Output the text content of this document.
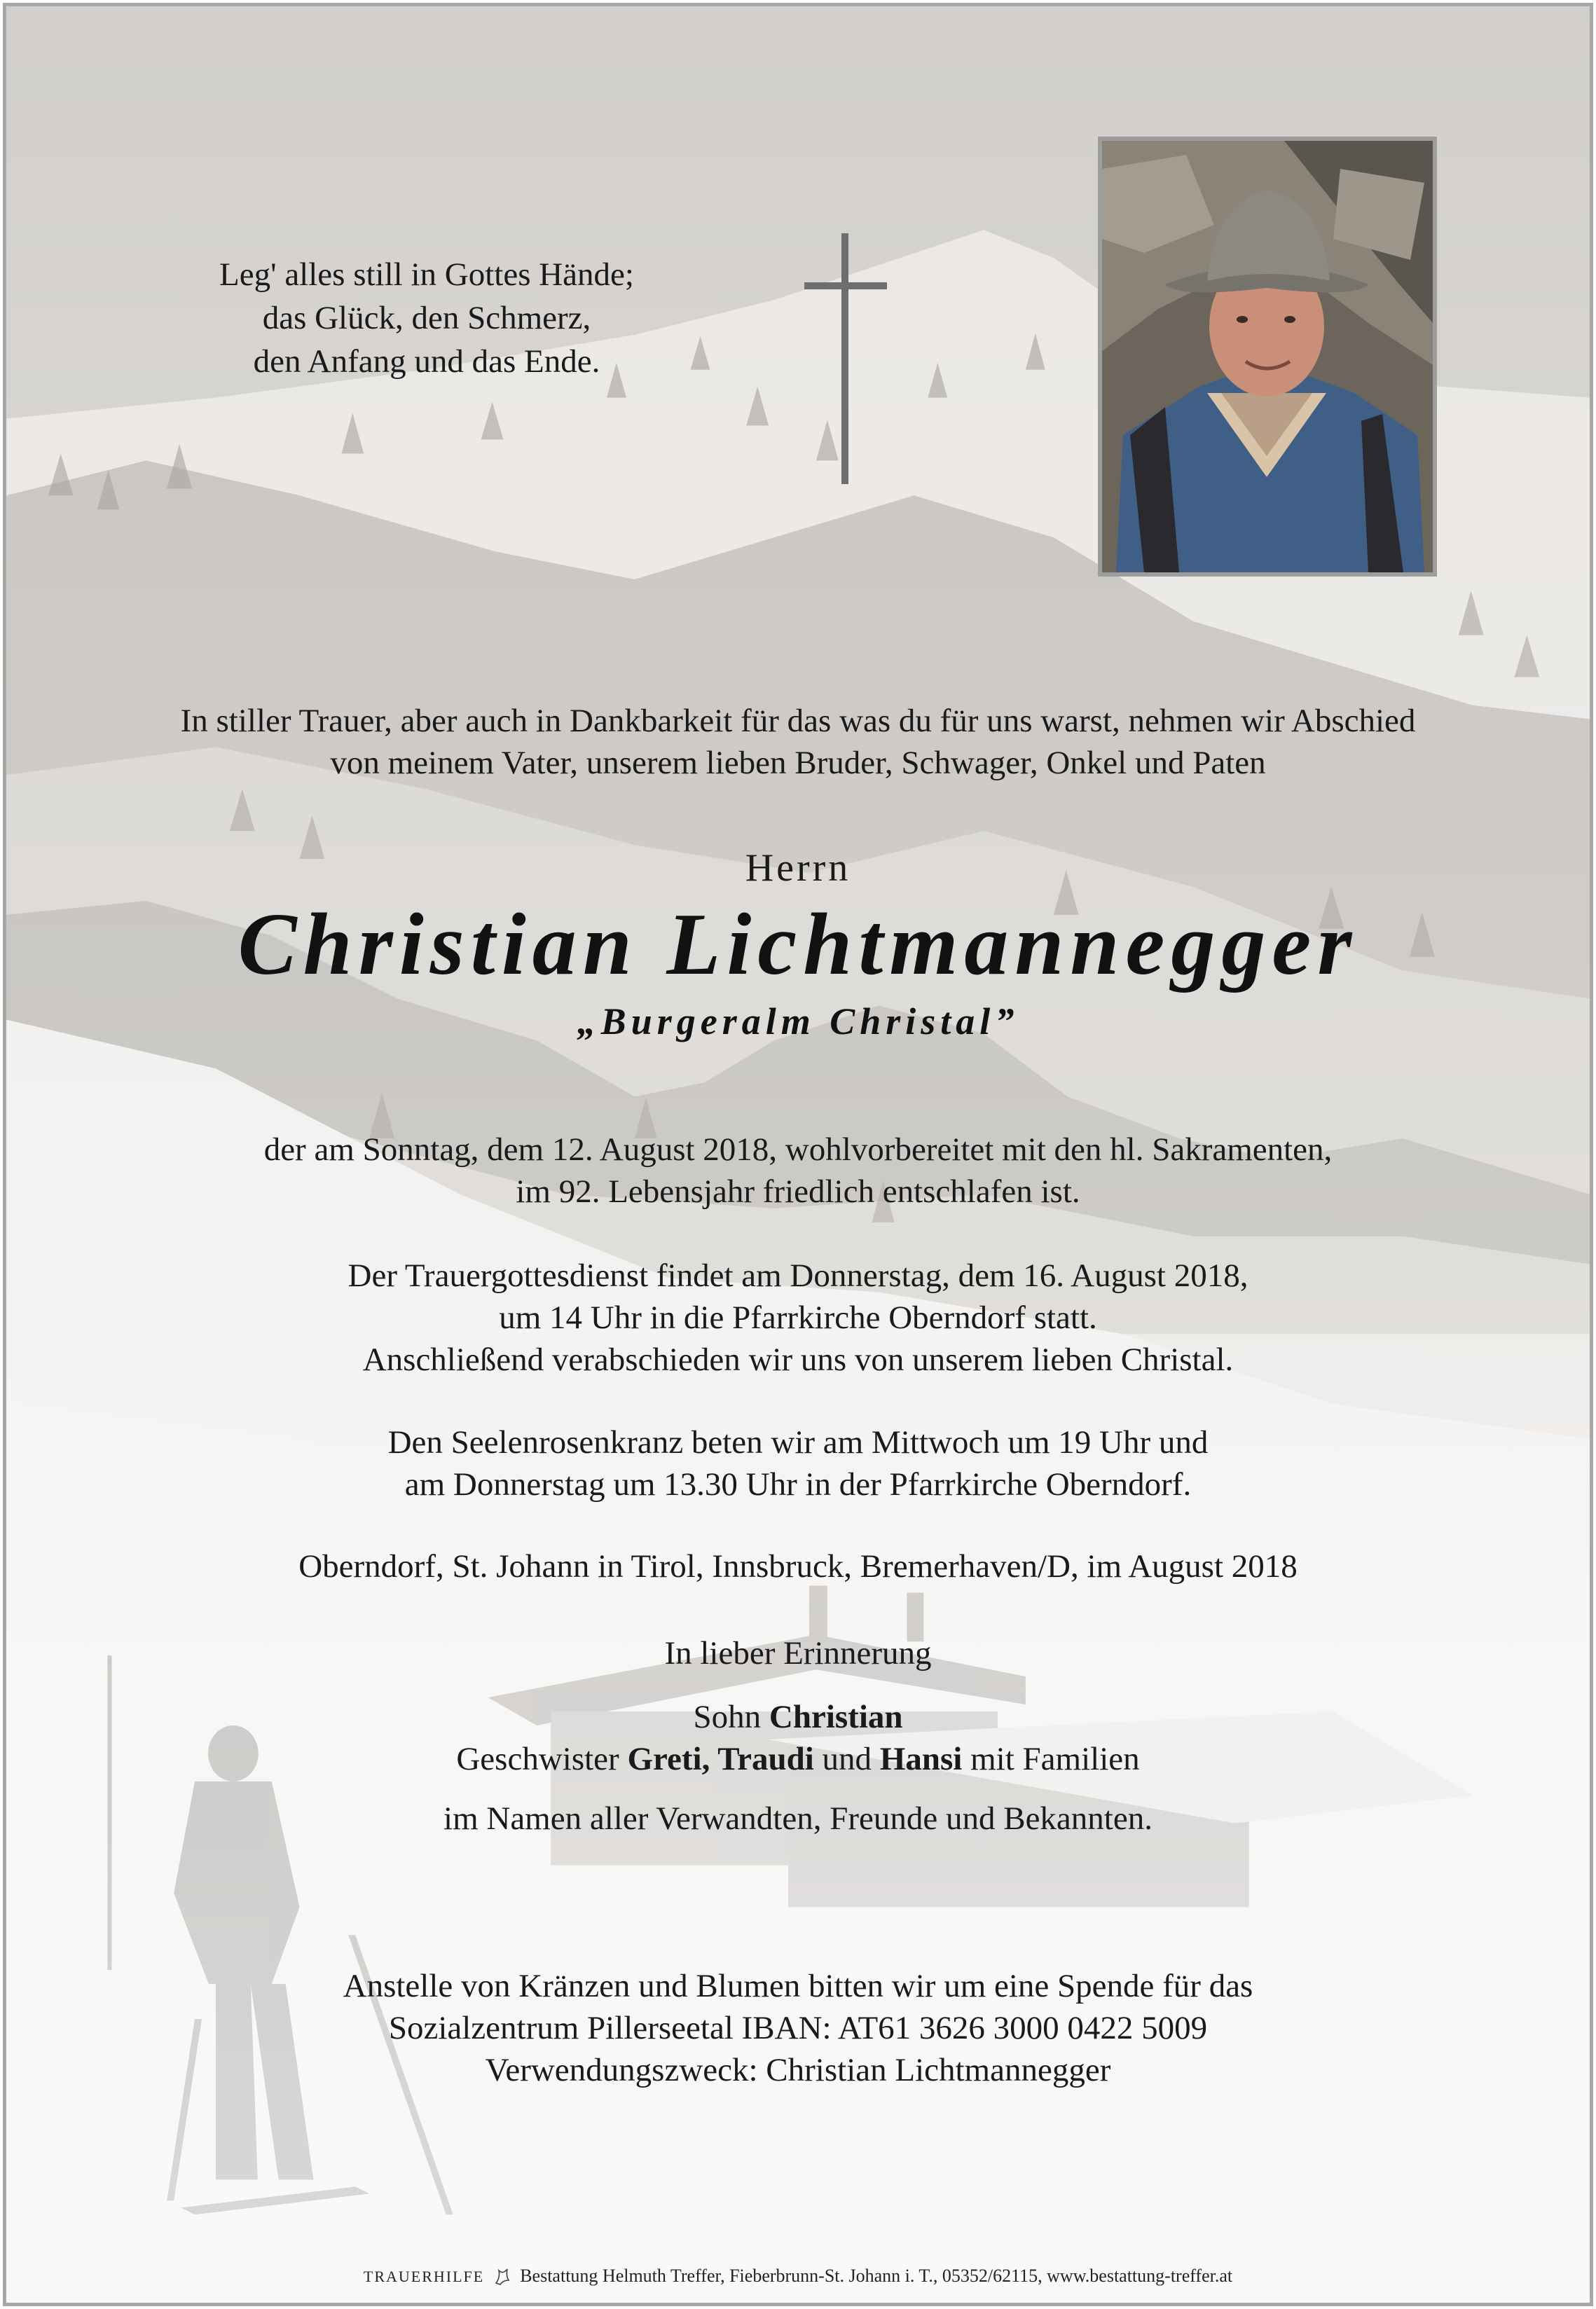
Leg' alles still in Gottes Hände;
das Glück, den Schmerz,
den Anfang und das Ende.
In stiller Trauer, aber auch in Dankbarkeit für das was du für uns warst, nehmen wir Abschied
von meinem Vater, unserem lieben Bruder, Schwager, Onkel und Paten
Herrn
Christian Lichtmannegger
„Burgeralm Christal”
der am Sonntag, dem 12. August 2018, wohlvorbereitet mit den hl. Sakramenten,
im 92. Lebensjahr friedlich entschlafen ist.
Der Trauergottesdienst findet am Donnerstag, dem 16. August 2018,
um 14 Uhr in die Pfarrkirche Oberndorf statt.
Anschließend verabschieden wir uns von unserem lieben Christal.
Den Seelenrosenkranz beten wir am Mittwoch um 19 Uhr und
am Donnerstag um 13.30 Uhr in der Pfarrkirche Oberndorf.
Oberndorf, St. Johann in Tirol, Innsbruck, Bremerhaven/D, im August 2018
In lieber Erinnerung
Sohn Christian
Geschwister Greti, Traudi und Hansi mit Familien
im Namen aller Verwandten, Freunde und Bekannten.
Anstelle von Kränzen und Blumen bitten wir um eine Spende für das
Sozialzentrum Pillerseetal IBAN: AT61 3626 3000 0422 5009
Verwendungszweck: Christian Lichtmannegger
TRAUERHILFE Bestattung Helmuth Treffer, Fieberbrunn-St. Johann i. T., 05352/62115, www.bestattung-treffer.at
